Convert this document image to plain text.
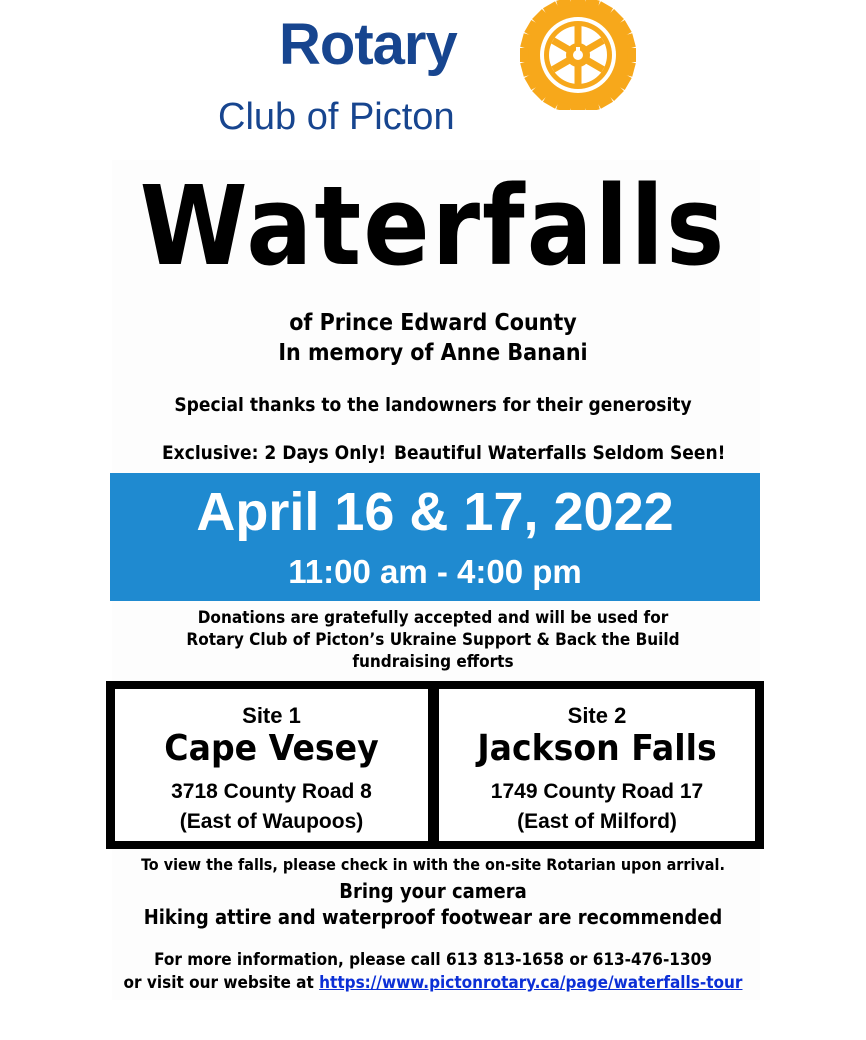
Rotary
Club of Picton
Waterfalls
of Prince Edward County
In memory of Anne Banani
Special thanks to the landowners for their generosity
Exclusive: 2 Days Only! Beautiful Waterfalls Seldom Seen!
April 16 & 17, 2022
11:00 am - 4:00 pm
Donations are gratefully accepted and will be used for
Rotary Club of Picton’s Ukraine Support & Back the Build
fundraising efforts
Site 1
Cape Vesey
3718 County Road 8
(East of Waupoos)
Site 2
Jackson Falls
1749 County Road 17
(East of Milford)
To view the falls, please check in with the on-site Rotarian upon arrival.
Bring your camera
Hiking attire and waterproof footwear are recommended
For more information, please call 613 813-1658 or 613-476-1309
or visit our website at https://www.pictonrotary.ca/page/waterfalls-tour
